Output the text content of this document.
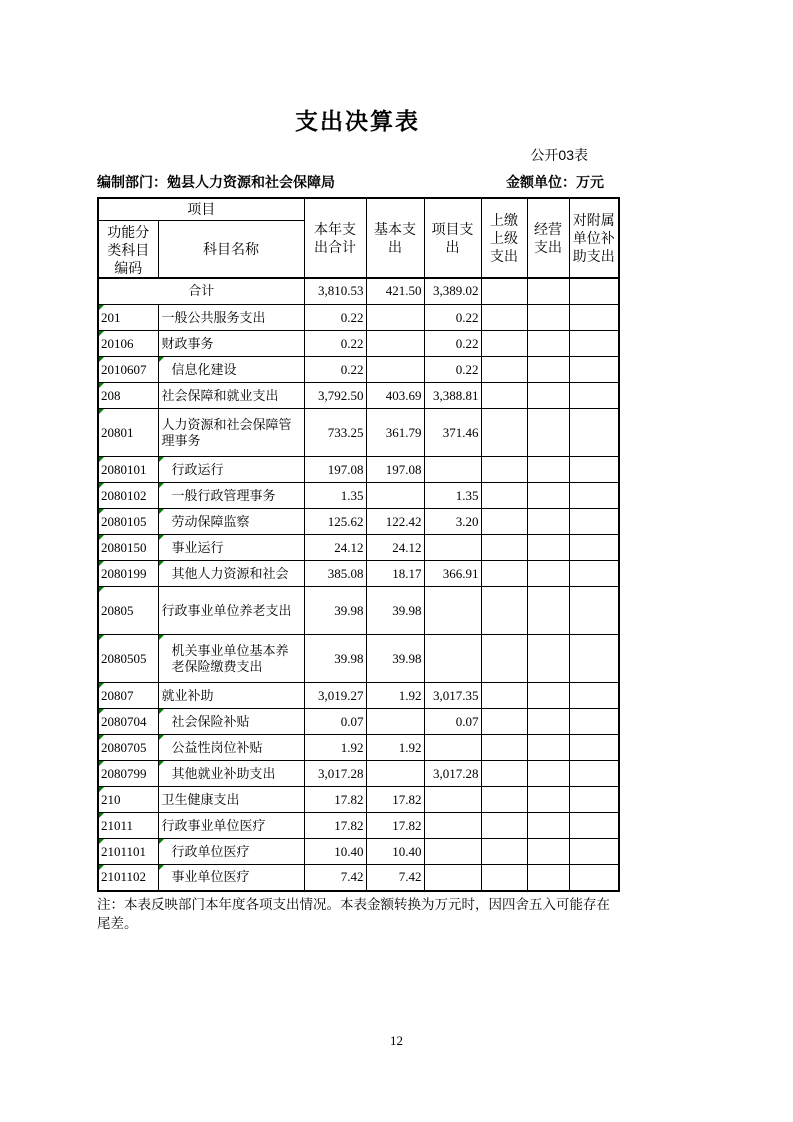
支出决算表
公开03表
编制部门：勉县人力资源和社会保障局	金额单位：万元
项目		本年支出合计	基本支出	项目支出	上缴上级支出	经营支出	对附属单位补助支出
功能分类科目编码	科目名称						
合计		3,810.53	421.50	3,389.02			

201	一般公共服务支出	0.22		0.22			

20106	财政事务	0.22		0.22			

2010607	信息化建设	0.22		0.22			

208	社会保障和就业支出	3,792.50	403.69	3,388.81			

20801	人力资源和社会保障管理事务	733.25	361.79	371.46			

2080101	行政运行	197.08	197.08				

2080102	一般行政管理事务	1.35		1.35			

2080105	劳动保障监察	125.62	122.42	3.20			

2080150	事业运行	24.12	24.12				

2080199	其他人力资源和社会	385.08	18.17	366.91			

20805	行政事业单位养老支出	39.98	39.98				

2080505	机关事业单位基本养老保险缴费支出	39.98	39.98				

20807	就业补助	3,019.27	1.92	3,017.35			

2080704	社会保险补贴	0.07		0.07			

2080705	公益性岗位补贴	1.92	1.92				

2080799	其他就业补助支出	3,017.28		3,017.28			

210	卫生健康支出	17.82	17.82				

21011	行政事业单位医疗	17.82	17.82				

2101101	行政单位医疗	10.40	10.40				

2101102	事业单位医疗	7.42	7.42				
注：本表反映部门本年度各项支出情况。本表金额转换为万元时，因四舍五入可能存在尾差。
12
